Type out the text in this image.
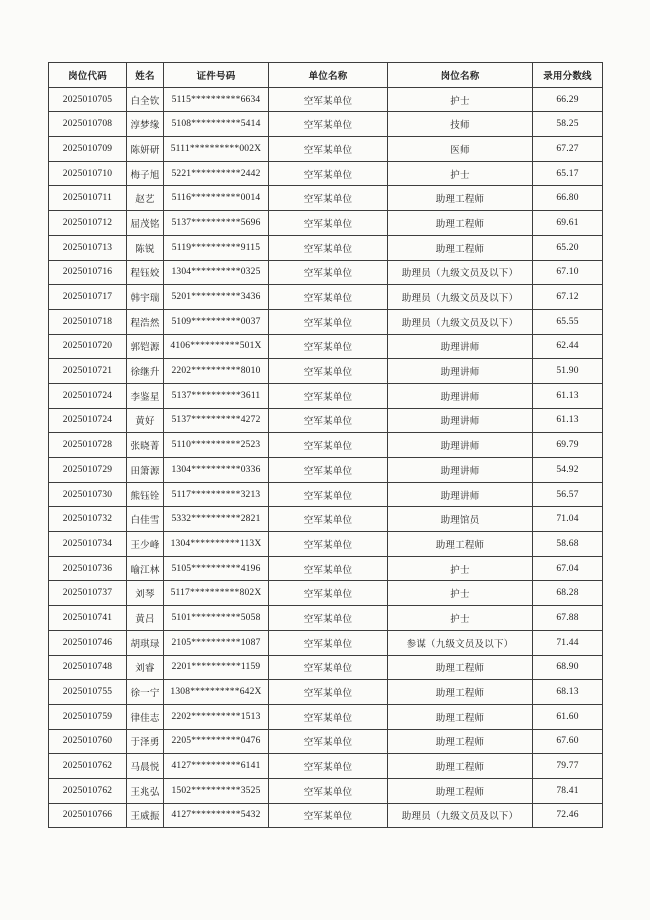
岗位代码	姓名	证件号码	单位名称	岗位名称	录用分数线
2025010705	白全钦	5115**********6634	空军某单位	护士	66.29
2025010708	淳梦缘	5108**********5414	空军某单位	技师	58.25
2025010709	陈妍研	5111**********002X	空军某单位	医师	67.27
2025010710	梅子旭	5221**********2442	空军某单位	护士	65.17
2025010711	赵艺	5116**********0014	空军某单位	助理工程师	66.80
2025010712	屈茂铭	5137**********5696	空军某单位	助理工程师	69.61
2025010713	陈锐	5119**********9115	空军某单位	助理工程师	65.20
2025010716	程钰姣	1304**********0325	空军某单位	助理员（九级文员及以下）	67.10
2025010717	韩宇瑞	5201**********3436	空军某单位	助理员（九级文员及以下）	67.12
2025010718	程浩然	5109**********0037	空军某单位	助理员（九级文员及以下）	65.55
2025010720	郭铠源	4106**********501X	空军某单位	助理讲师	62.44
2025010721	徐继升	2202**********8010	空军某单位	助理讲师	51.90
2025010724	李鉴星	5137**********3611	空军某单位	助理讲师	61.13
2025010724	黄好	5137**********4272	空军某单位	助理讲师	61.13
2025010728	张晓菁	5110**********2523	空军某单位	助理讲师	69.79
2025010729	田箫源	1304**********0336	空军某单位	助理讲师	54.92
2025010730	熊钰铨	5117**********3213	空军某单位	助理讲师	56.57
2025010732	白佳雪	5332**********2821	空军某单位	助理馆员	71.04
2025010734	王少峰	1304**********113X	空军某单位	助理工程师	58.68
2025010736	喻江林	5105**********4196	空军某单位	护士	67.04
2025010737	刘琴	5117**********802X	空军某单位	护士	68.28
2025010741	黄吕	5101**********5058	空军某单位	护士	67.88
2025010746	胡琪琭	2105**********1087	空军某单位	参谋（九级文员及以下）	71.44
2025010748	刘睿	2201**********1159	空军某单位	助理工程师	68.90
2025010755	徐一宁	1308**********642X	空军某单位	助理工程师	68.13
2025010759	律佳志	2202**********1513	空军某单位	助理工程师	61.60
2025010760	于泽勇	2205**********0476	空军某单位	助理工程师	67.60
2025010762	马晨悦	4127**********6141	空军某单位	助理工程师	79.77
2025010762	王兆弘	1502**********3525	空军某单位	助理工程师	78.41
2025010766	王威振	4127**********5432	空军某单位	助理员（九级文员及以下）	72.46
